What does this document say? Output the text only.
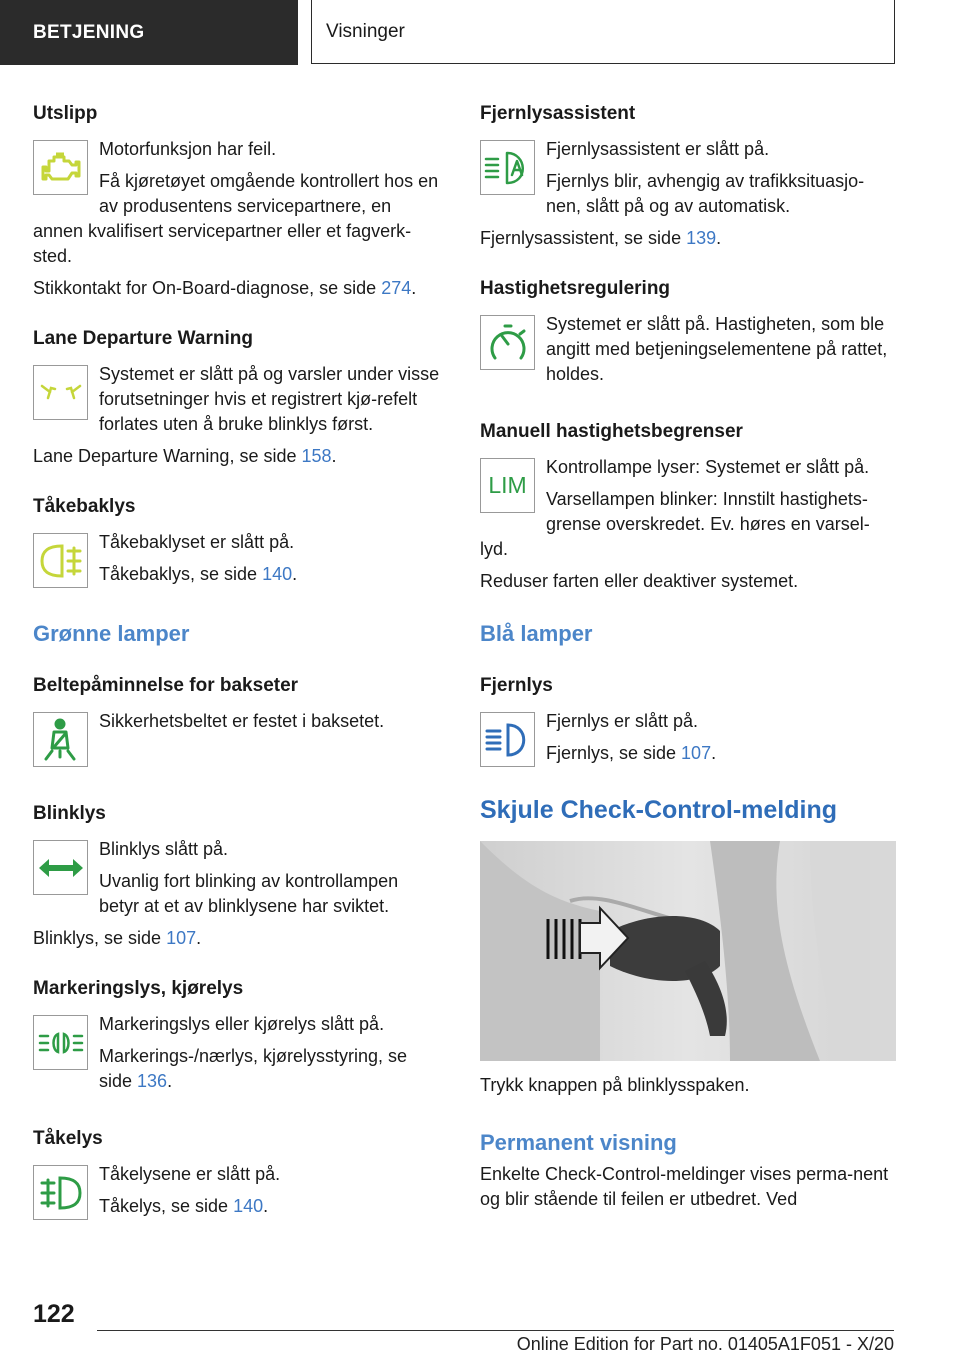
BETJENING	Visninger
Utslipp

Motorfunksjon har feil.

Få kjøretøyet omgående kontrollert hos en av produsentens servicepartnere, en annen kvalifisert servicepartner eller et fagverk-sted.

Stikkontakt for On-Board-diagnose, se side 274.

Lane Departure Warning

Systemet er slått på og varsler under visse forutsetninger hvis et registrert kjø-refelt forlates uten å bruke blinklys først.

Lane Departure Warning, se side 158.

Tåkebaklys

Tåkebaklyset er slått på.

Tåkebaklys, se side 140.

Grønne lamper
Beltepåminnelse for bakseter

Sikkerhetsbeltet er festet i baksetet.

Blinklys

Blinklys slått på.

Uvanlig fort blinking av kontrollampen betyr at et av blinklysene har sviktet.

Blinklys, se side 107.

Markeringslys, kjørelys

Markeringslys eller kjørelys slått på.

Markerings-/nærlys, kjørelysstyring, se side 136.

Tåkelys

Tåkelysene er slått på.

Tåkelys, se side 140.

Fjernlysassistent

Fjernlysassistent er slått på.

Fjernlys blir, avhengig av trafikksituasjo-nen, slått på og av automatisk.

Fjernlysassistent, se side 139.

Hastighetsregulering

Systemet er slått på. Hastigheten, som ble angitt med betjeningselementene på rattet, holdes.

Manuell hastighetsbegrenser
LIM

Kontrollampe lyser: Systemet er slått på.

Varsellampen blinker: Innstilt hastighets-grense overskredet. Ev. høres en varsel-lyd.

Reduser farten eller deaktiver systemet.

Blå lamper
Fjernlys

Fjernlys er slått på.

Fjernlys, se side 107.

Skjule Check-Control-melding

Trykk knappen på blinklysspaken.

Permanent visning

Enkelte Check-Control-meldinger vises perma-nent og blir stående til feilen er utbedret. Ved

122
Online Edition for Part no. 01405A1F051 - X/20
